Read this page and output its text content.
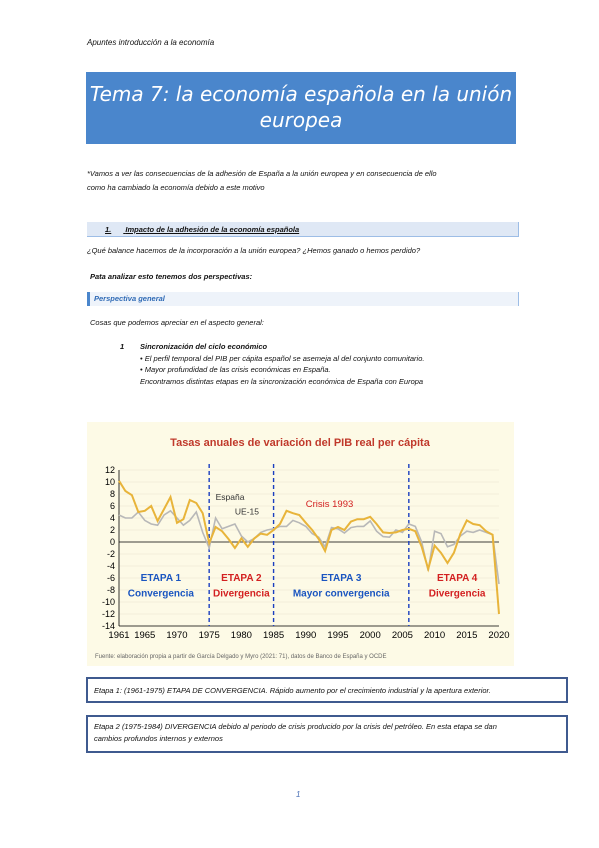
Apuntes introducción a la economía
Tema 7: la economía española en la unión
europea
*Vamos a ver las consecuencias de la adhesión de España a la unión europea y en consecuencia de ello
como ha cambiado la economía debido a este motivo
1. Impacto de la adhesión de la economía española
¿Qué balance hacemos de la incorporación a la unión europea? ¿Hemos ganado o hemos perdido?
Pata analizar esto tenemos dos perspectivas:
Perspectiva general
Cosas que podemos apreciar en el aspecto general:
1 Sincronización del ciclo económico
• El perfil temporal del PIB per cápita español se asemeja al del conjunto comunitario.
• Mayor profundidad de las crisis económicas en España.
Encontramos distintas etapas en la sincronización económica de España con Europa
Tasas anuales de variación del PIB real per cápita
12
10
8
6
4
2
0
-2
-4
-6
-8
-10
-12
-14
1961 1965 1970 1975 1980 1985 1990 1995 2000 2005 2010 2015 2020
España
UE-15
Crisis 1993
ETAPA 1
Convergencia
ETAPA 2
Divergencia
ETAPA 3
Mayor convergencia
ETAPA 4
Divergencia
Fuente: elaboración propia a partir de García Delgado y Myro (2021: 71), datos de Banco de España y OCDE
Etapa 1: (1961-1975) ETAPA DE CONVERGENCIA. Rápido aumento por el crecimiento industrial y la apertura exterior.
Etapa 2 (1975-1984) DIVERGENCIA debido al periodo de crisis producido por la crisis del petróleo. En esta etapa se dan
cambios profundos internos y externos
1
